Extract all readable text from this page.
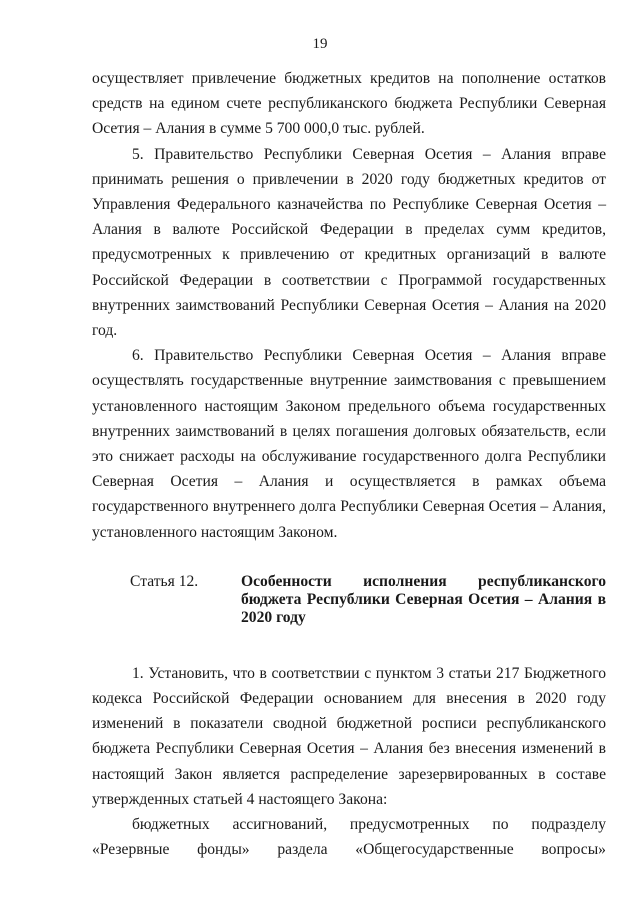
19

осуществляет привлечение бюджетных кредитов на пополнение остатков средств на едином счете республиканского бюджета Республики Северная Осетия – Алания в сумме 5 700 000,0 тыс. рублей.

5. Правительство Республики Северная Осетия – Алания вправе принимать решения о привлечении в 2020 году бюджетных кредитов от Управления Федерального казначейства по Республике Северная Осетия – Алания в валюте Российской Федерации в пределах сумм кредитов, предусмотренных к привлечению от кредитных организаций в валюте Российской Федерации в соответствии с Программой государственных внутренних заимствований Республики Северная Осетия – Алания на 2020 год.

6. Правительство Республики Северная Осетия – Алания вправе осуществлять государственные внутренние заимствования с превышением установленного настоящим Законом предельного объема государственных внутренних заимствований в целях погашения долговых обязательств, если это снижает расходы на обслуживание государственного долга Республики Северная Осетия – Алания и осуществляется в рамках объема государственного внутреннего долга Республики Северная Осетия – Алания, установленного настоящим Законом.

Статья 12.	Особенности исполнения республиканского бюджета Республики Северная Осетия – Алания в 2020 году

1. Установить, что в соответствии с пунктом 3 статьи 217 Бюджетного кодекса Российской Федерации основанием для внесения в 2020 году изменений в показатели сводной бюджетной росписи республиканского бюджета Республики Северная Осетия – Алания без внесения изменений в настоящий Закон является распределение зарезервированных в составе утвержденных статьей 4 настоящего Закона:

бюджетных ассигнований, предусмотренных по подразделу
«Резервные фонды» раздела «Общегосударственные вопросы»
